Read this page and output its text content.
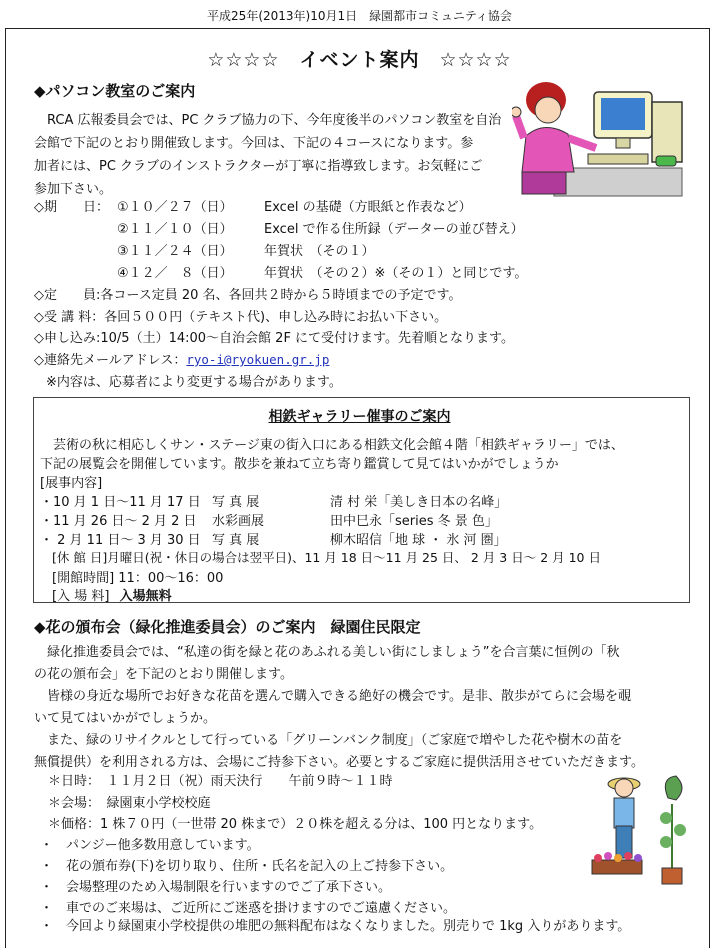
平成25年(2013年)10月1日　緑園都市コミュニティ協会
☆☆☆☆　イベント案内　☆☆☆☆
◆パソコン教室のご案内
　RCA 広報委員会では、PC クラブ協力の下、今年度後半のパソコン教室を自治
会館で下記のとおり開催致します。今回は、下記の４コースになります。参
加者には、PC クラブのインストラクターが丁寧に指導致します。お気軽にご
参加下さい。
◇期　　日： ①１０／２７（日） Excel の基礎（方眼紙と作表など）
②１１／１０（日） Excel で作る住所録（データーの並び替え）
③１１／２４（日） 年賀状　（その１）
④１２／　８（日） 年賀状　（その２）※（その１）と同じです。
◇定　　員:各コース定員 20 名、各回共２時から５時頃までの予定です。
◇受 講 料：各回５００円（テキスト代)、申し込み時にお払い下さい。
◇申し込み:10/5（土）14:00～自治会館 2F にて受付けます。先着順となります。
◇連絡先メールアドレス：ryo-i@ryokuen.gr.jp
※内容は、応募者により変更する場合があります。
相鉄ギャラリー催事のご案内
　芸術の秋に相応しくサン・ステージ東の街入口にある相鉄文化会館４階「相鉄ギャラリー」では、
下記の展覧会を開催しています。散歩を兼ねて立ち寄り鑑賞して見てはいかがでしょうか
[展事内容]
・10 月 1 日～11 月 17 日 写 真 展	清 村 栄「美しき日本の名峰」
・11 月 26 日～ 2 月 2 日 水彩画展	田中巳永「series 冬 景 色」
・ 2 月 11 日～ 3 月 30 日 写 真 展	柳木昭信「地 球 ・ 氷 河 圏」
[休 館 日]月曜日(祝・休日の場合は翌平日)、11 月 18 日～11 月 25 日、 2 月 3 日～ 2 月 10 日
[開館時間] 11：00～16：00
[入 場 料] 入場無料
◆花の頒布会（緑化推進委員会）のご案内　緑園住民限定
　緑化推進委員会では、“私達の街を緑と花のあふれる美しい街にしましょう”を合言葉に恒例の「秋
の花の頒布会」を下記のとおり開催します。
　皆様の身近な場所でお好きな花苗を選んで購入できる絶好の機会です。是非、散歩がてらに会場を覗
いて見てはいかがでしょうか。
　また、緑のリサイクルとして行っている「グリーンバンク制度」（ご家庭で増やした花や樹木の苗を
無償提供）を利用される方は、会場にご持参下さい。必要とするご家庭に提供活用させていただきます。
＊日時：　１１月２日（祝）雨天決行　　午前９時～１１時
＊会場：　緑園東小学校校庭
＊価格：1 株７０円（一世帯 20 株まで）２０株を超える分は、100 円となります。
・　パンジー他多数用意しています。
・　花の頒布券(下)を切り取り、住所・氏名を記入の上ご持参下さい。
・　会場整理のため入場制限を行いますのでご了承下さい。
・　車でのご来場は、ご近所にご迷惑を掛けますのでご遠慮ください。
・　今回より緑園東小学校提供の堆肥の無料配布はなくなりました。別売りで 1kg 入りがあります。
